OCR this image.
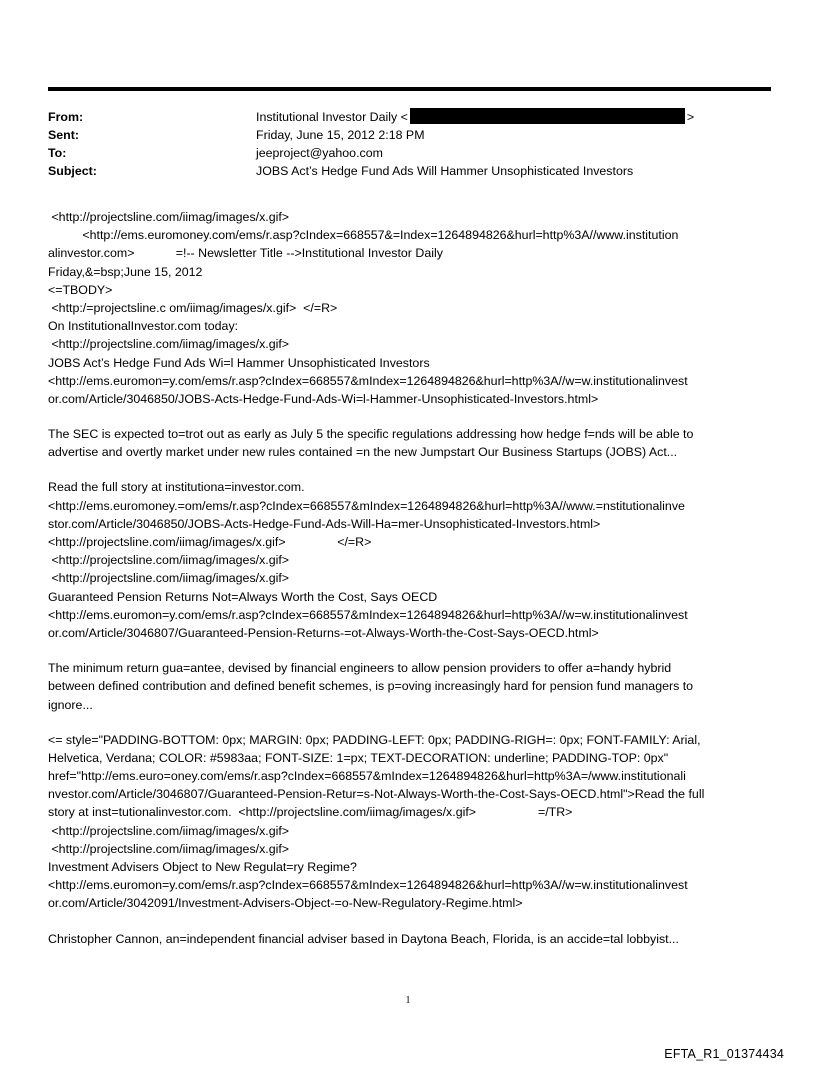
From:	Institutional Investor Daily <	>
Sent:	Friday, June 15, 2012 2:18 PM
To:	jeeproject@yahoo.com
Subject:	JOBS Act’s Hedge Fund Ads Will Hammer Unsophisticated Investors
<http://projectsline.com/iimag/images/x.gif>
<http://ems.euromoney.com/ems/r.asp?cIndex=668557&=Index=1264894826&hurl=http%3A//www.institution
alinvestor.com>            =!-- Newsletter Title -->Institutional Investor Daily
Friday,&=bsp;June 15, 2012
<=TBODY>
<http:/=projectsline.c om/iimag/images/x.gif>  </=R>
On InstitutionalInvestor.com today:
<http://projectsline.com/iimag/images/x.gif>
JOBS Act’s Hedge Fund Ads Wi=l Hammer Unsophisticated Investors
<http://ems.euromon=y.com/ems/r.asp?cIndex=668557&mIndex=1264894826&hurl=http%3A//w=w.institutionalinvest
or.com/Article/3046850/JOBS-Acts-Hedge-Fund-Ads-Wi=l-Hammer-Unsophisticated-Investors.html>
The SEC is expected to=trot out as early as July 5 the specific regulations addressing how hedge f=nds will be able to
advertise and overtly market under new rules contained =n the new Jumpstart Our Business Startups (JOBS) Act...
Read the full story at institutiona=investor.com.
<http://ems.euromoney.=om/ems/r.asp?cIndex=668557&mIndex=1264894826&hurl=http%3A//www.=nstitutionalinve
stor.com/Article/3046850/JOBS-Acts-Hedge-Fund-Ads-Will-Ha=mer-Unsophisticated-Investors.html>
<http://projectsline.com/iimag/images/x.gif>               </=R>
<http://projectsline.com/iimag/images/x.gif>
<http://projectsline.com/iimag/images/x.gif>
Guaranteed Pension Returns Not=Always Worth the Cost, Says OECD
<http://ems.euromon=y.com/ems/r.asp?cIndex=668557&mIndex=1264894826&hurl=http%3A//w=w.institutionalinvest
or.com/Article/3046807/Guaranteed-Pension-Returns-=ot-Always-Worth-the-Cost-Says-OECD.html>
The minimum return gua=antee, devised by financial engineers to allow pension providers to offer a=handy hybrid
between defined contribution and defined benefit schemes, is p=oving increasingly hard for pension fund managers to
ignore...
<= style="PADDING-BOTTOM: 0px; MARGIN: 0px; PADDING-LEFT: 0px; PADDING-RIGH=: 0px; FONT-FAMILY: Arial,
Helvetica, Verdana; COLOR: #5983aa; FONT-SIZE: 1=px; TEXT-DECORATION: underline; PADDING-TOP: 0px"
href="http://ems.euro=oney.com/ems/r.asp?cIndex=668557&mIndex=1264894826&hurl=http%3A=/www.institutionali
nvestor.com/Article/3046807/Guaranteed-Pension-Retur=s-Not-Always-Worth-the-Cost-Says-OECD.html">Read the full
story at inst=tutionalinvestor.com.  <http://projectsline.com/iimag/images/x.gif>                  =/TR>
<http://projectsline.com/iimag/images/x.gif>
<http://projectsline.com/iimag/images/x.gif>
Investment Advisers Object to New Regulat=ry Regime?
<http://ems.euromon=y.com/ems/r.asp?cIndex=668557&mIndex=1264894826&hurl=http%3A//w=w.institutionalinvest
or.com/Article/3042091/Investment-Advisers-Object-=o-New-Regulatory-Regime.html>
Christopher Cannon, an=independent financial adviser based in Daytona Beach, Florida, is an accide=tal lobbyist...
1
EFTA_R1_01374434
